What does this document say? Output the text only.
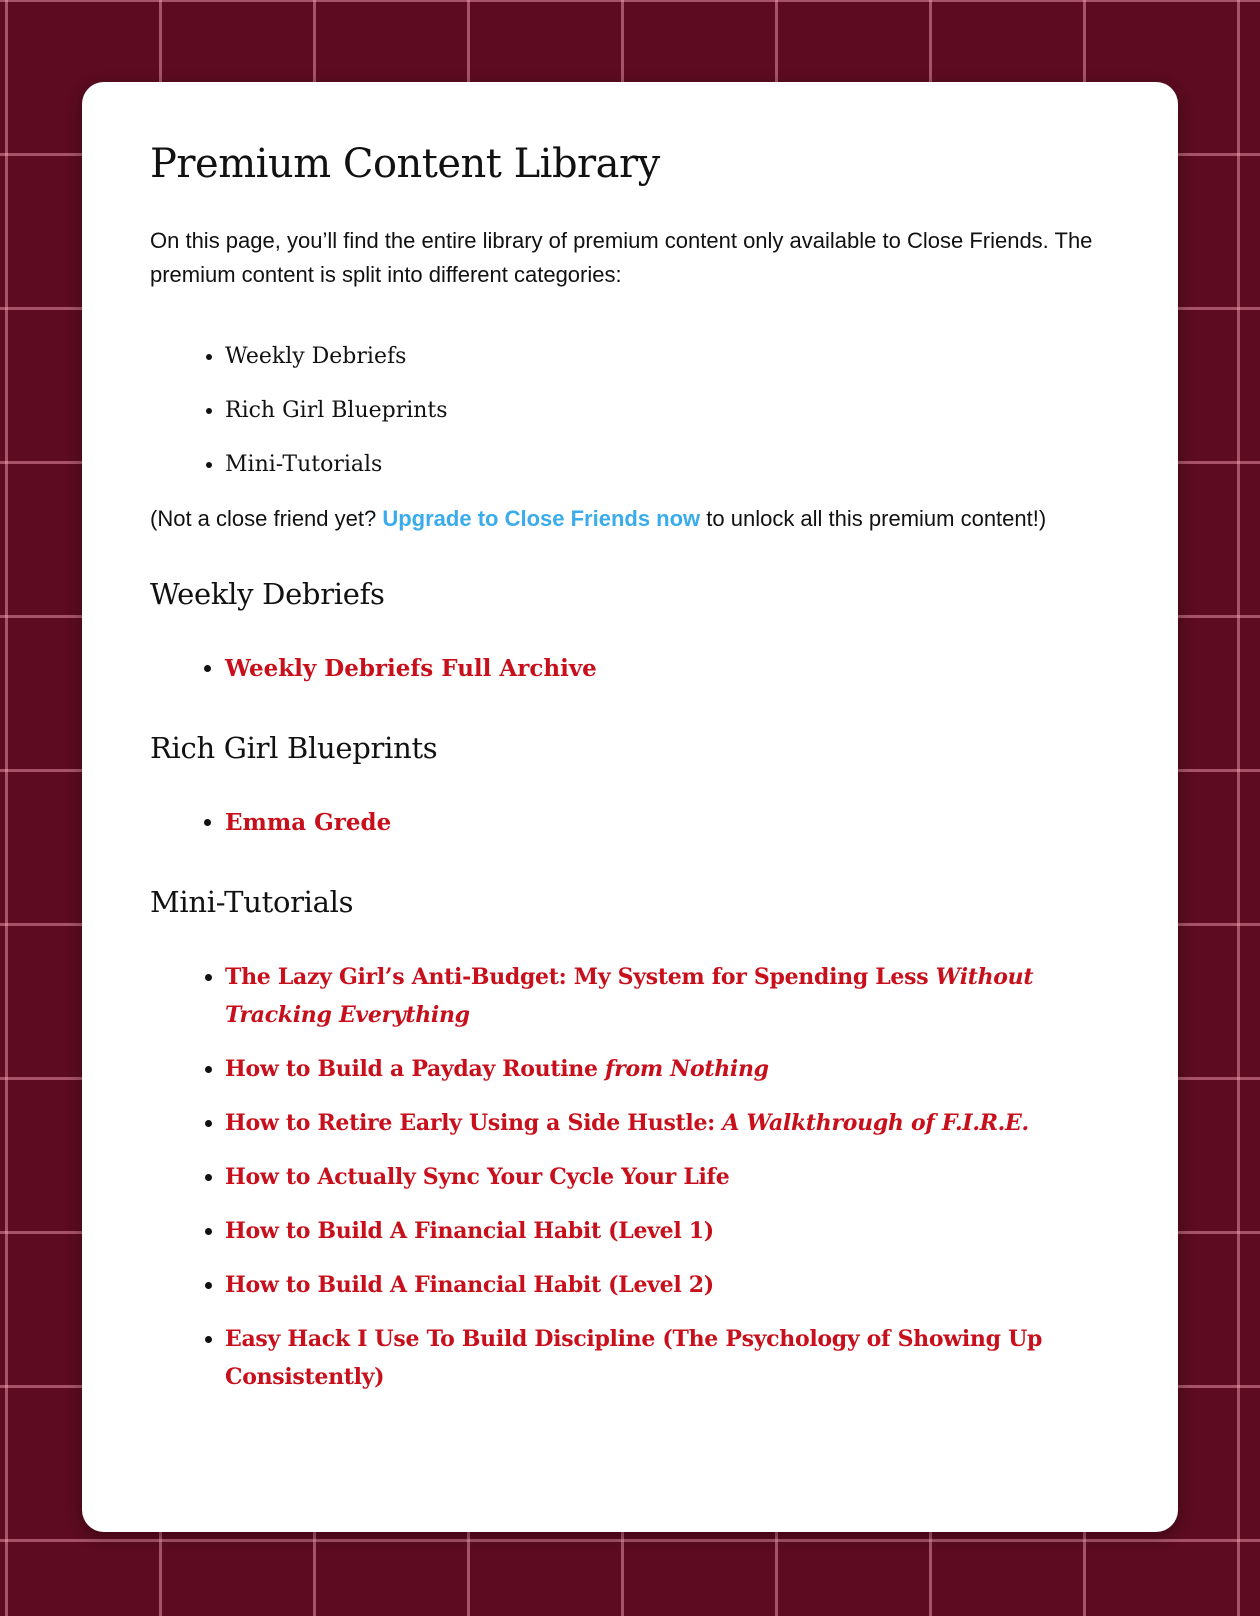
Premium Content Library

On this page, you’ll find the entire library of premium content only available to Close Friends. The premium content is split into different categories:

• Weekly Debriefs
• Rich Girl Blueprints
• Mini-Tutorials

(Not a close friend yet? Upgrade to Close Friends now to unlock all this premium content!)

Weekly Debriefs
• Weekly Debriefs Full Archive
Rich Girl Blueprints
• Emma Grede
Mini-Tutorials
• The Lazy Girl’s Anti-Budget: My System for Spending Less Without Tracking Everything
• How to Build a Payday Routine from Nothing
• How to Retire Early Using a Side Hustle: A Walkthrough of F.I.R.E.
• How to Actually Sync Your Cycle Your Life
• How to Build A Financial Habit (Level 1)
• How to Build A Financial Habit (Level 2)
• Easy Hack I Use To Build Discipline (The Psychology of Showing Up Consistently)
